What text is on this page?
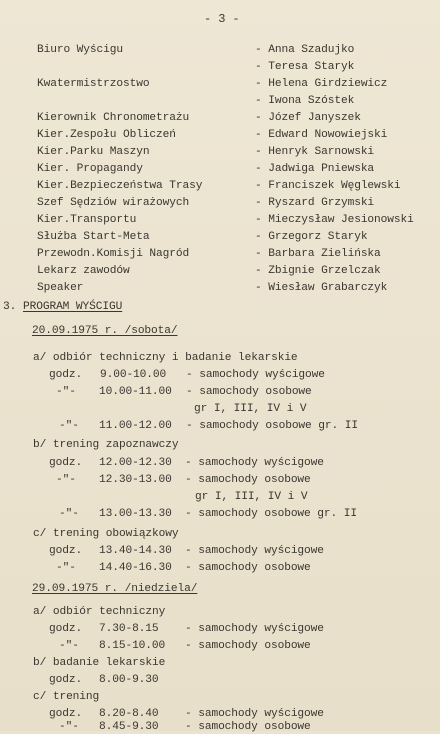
- 3 -
Biuro Wyścigu	- Anna Szadujko
- Teresa Staryk
Kwatermistrzostwo	- Helena Girdziewicz
- Iwona Szóstek
Kierownik Chronometrażu	- Józef Janyszek
Kier.Zespołu Obliczeń	- Edward Nowowiejski
Kier.Parku Maszyn	- Henryk Sarnowski
Kier. Propagandy	- Jadwiga Pniewska
Kier.Bezpieczeństwa Trasy	- Franciszek Węglewski
Szef Sędziów wirażowych	- Ryszard Grzymski
Kier.Transportu	- Mieczysław Jesionowski
Służba Start-Meta	- Grzegorz Staryk
Przewodn.Komisji Nagród	- Barbara Zielińska
Lekarz zawodów	- Zbignie Grzelczak
Speaker	- Wiesław Grabarczyk
3. PROGRAM WYŚCIGU
20.09.1975 r. /sobota/
a/ odbiór techniczny i badanie lekarskie
godz. 9.00-10.00 - samochody wyścigowe
-"- 10.00-11.00 - samochody osobowe
gr I, III, IV i V
-"- 11.00-12.00 - samochody osobowe gr. II
b/ trening zapoznawczy
godz. 12.00-12.30 - samochody wyścigowe
-"- 12.30-13.00 - samochody osobowe
gr I, III, IV i V
-"- 13.00-13.30 - samochody osobowe gr. II
c/ trening obowiązkowy
godz. 13.40-14.30 - samochody wyścigowe
-"- 14.40-16.30 - samochody osobowe
29.09.1975 r. /niedziela/
a/ odbiór techniczny
godz. 7.30-8.15 - samochody wyścigowe
-"- 8.15-10.00 - samochody osobowe
b/ badanie lekarskie
godz. 8.00-9.30
c/ trening
godz. 8.20-8.40 - samochody wyścigowe
-"- 8.45-9.30 - samochody osobowe
